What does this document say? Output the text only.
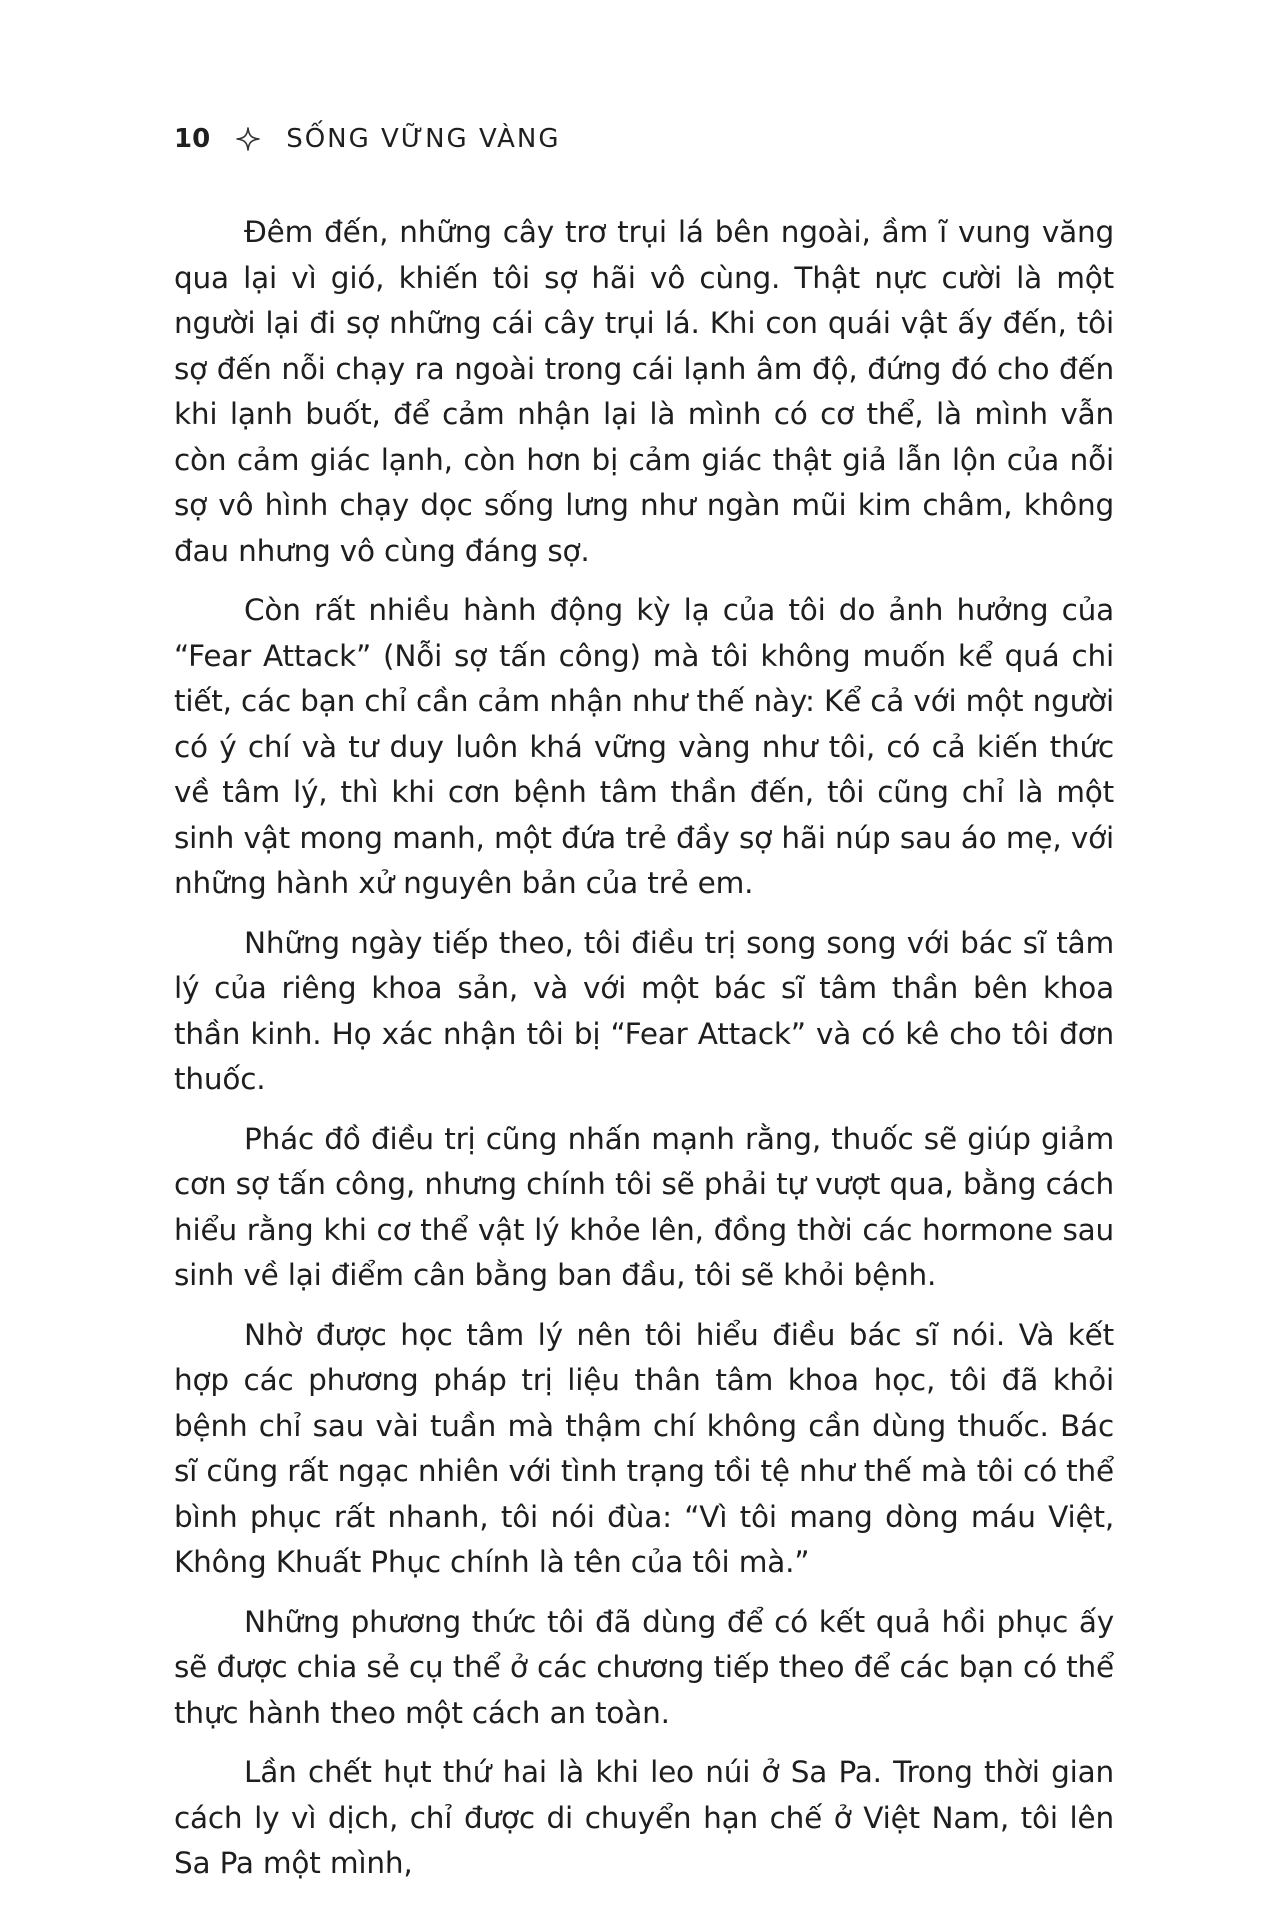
10	SỐNG VỮNG VÀNG

Đêm đến, những cây trơ trụi lá bên ngoài, ầm ĩ vung văng qua lại vì gió, khiến tôi sợ hãi vô cùng. Thật nực cười là một người lại đi sợ những cái cây trụi lá. Khi con quái vật ấy đến, tôi sợ đến nỗi chạy ra ngoài trong cái lạnh âm độ, đứng đó cho đến khi lạnh buốt, để cảm nhận lại là mình có cơ thể, là mình vẫn còn cảm giác lạnh, còn hơn bị cảm giác thật giả lẫn lộn của nỗi sợ vô hình chạy dọc sống lưng như ngàn mũi kim châm, không đau nhưng vô cùng đáng sợ.

Còn rất nhiều hành động kỳ lạ của tôi do ảnh hưởng của “Fear Attack” (Nỗi sợ tấn công) mà tôi không muốn kể quá chi tiết, các bạn chỉ cần cảm nhận như thế này: Kể cả với một người có ý chí và tư duy luôn khá vững vàng như tôi, có cả kiến thức về tâm lý, thì khi cơn bệnh tâm thần đến, tôi cũng chỉ là một sinh vật mong manh, một đứa trẻ đầy sợ hãi núp sau áo mẹ, với những hành xử nguyên bản của trẻ em.

Những ngày tiếp theo, tôi điều trị song song với bác sĩ tâm lý của riêng khoa sản, và với một bác sĩ tâm thần bên khoa thần kinh. Họ xác nhận tôi bị “Fear Attack” và có kê cho tôi đơn thuốc.

Phác đồ điều trị cũng nhấn mạnh rằng, thuốc sẽ giúp giảm cơn sợ tấn công, nhưng chính tôi sẽ phải tự vượt qua, bằng cách hiểu rằng khi cơ thể vật lý khỏe lên, đồng thời các hormone sau sinh về lại điểm cân bằng ban đầu, tôi sẽ khỏi bệnh.

Nhờ được học tâm lý nên tôi hiểu điều bác sĩ nói. Và kết hợp các phương pháp trị liệu thân tâm khoa học, tôi đã khỏi bệnh chỉ sau vài tuần mà thậm chí không cần dùng thuốc. Bác sĩ cũng rất ngạc nhiên với tình trạng tồi tệ như thế mà tôi có thể bình phục rất nhanh, tôi nói đùa: “Vì tôi mang dòng máu Việt, Không Khuất Phục chính là tên của tôi mà.”

Những phương thức tôi đã dùng để có kết quả hồi phục ấy sẽ được chia sẻ cụ thể ở các chương tiếp theo để các bạn có thể thực hành theo một cách an toàn.

Lần chết hụt thứ hai là khi leo núi ở Sa Pa. Trong thời gian cách ly vì dịch, chỉ được di chuyển hạn chế ở Việt Nam, tôi lên Sa Pa một mình,
